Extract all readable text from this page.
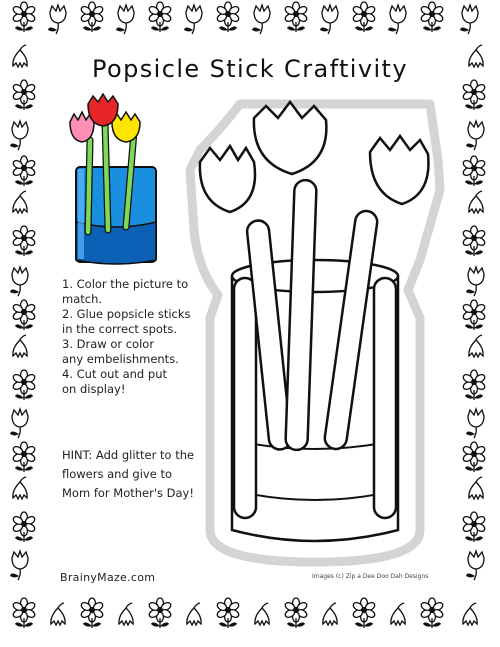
Popsicle Stick Craftivity
1. Color the picture to
match.
2. Glue popsicle sticks
in the correct spots.
3. Draw or color
any embelishments.
4. Cut out and put
on display!
HINT: Add glitter to the
flowers and give to
Mom for Mother's Day!
BrainyMaze.com	Images (c) Zip a Dee Doo Dah Designs
